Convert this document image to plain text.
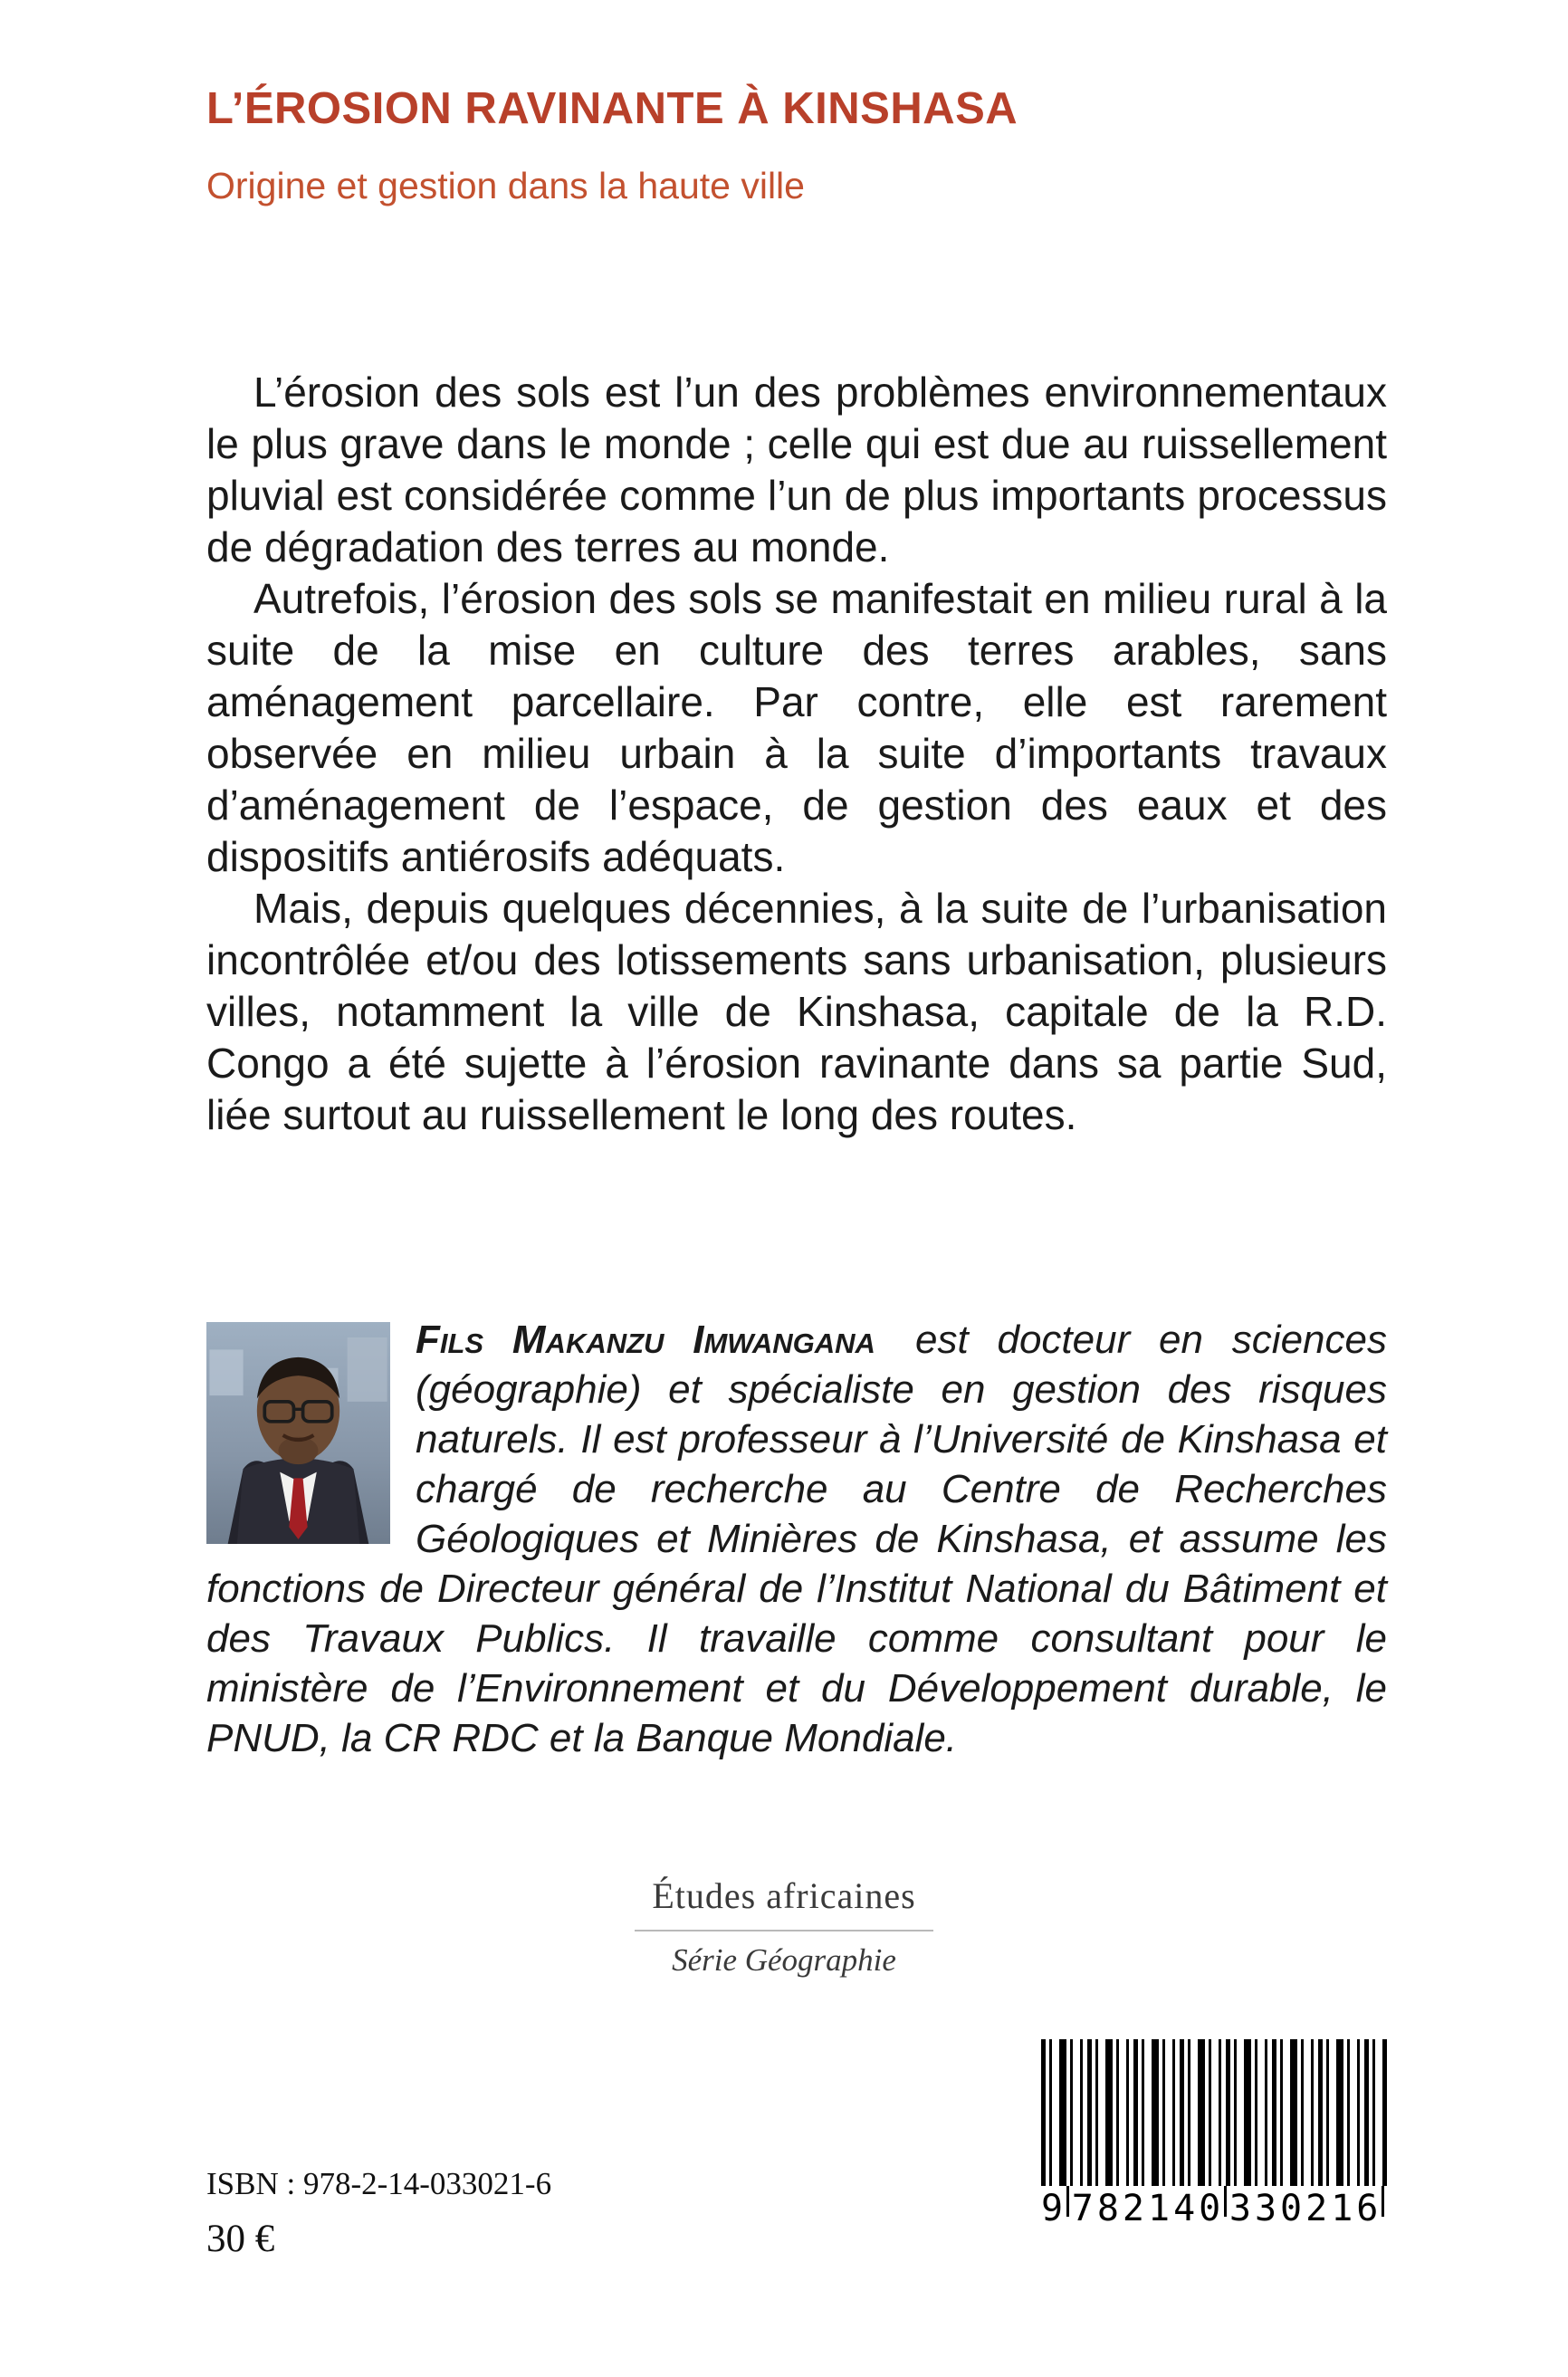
L’ÉROSION RAVINANTE À KINSHASA
Origine et gestion dans la haute ville

L’érosion des sols est l’un des problèmes environnementaux le plus grave dans le monde ; celle qui est due au ruissellement pluvial est considérée comme l’un de plus importants processus de dégradation des terres au monde.

Autrefois, l’érosion des sols se manifestait en milieu rural à la suite de la mise en culture des terres arables, sans aménagement parcellaire. Par contre, elle est rarement observée en milieu urbain à la suite d’importants travaux d’aménagement de l’espace, de gestion des eaux et des dispositifs antiérosifs adéquats.

Mais, depuis quelques décennies, à la suite de l’urbanisation incontrôlée et/ou des lotissements sans urbanisation, plusieurs villes, notamment la ville de Kinshasa, capitale de la R.D. Congo a été sujette à l’érosion ravinante dans sa partie Sud, liée surtout au ruissellement le long des routes.

Fils Makanzu Imwangana est docteur en sciences (géographie) et spécialiste en gestion des risques naturels. Il est professeur à l’Université de Kinshasa et chargé de recherche au Centre de Recherches Géologiques et Minières de Kinshasa, et assume les fonctions de Directeur général de l’Institut National du Bâtiment et des Travaux Publics. Il travaille comme consultant pour le ministère de l’Environnement et du Développement durable, le PNUD, la CR RDC et la Banque Mondiale.

Études africaines
Série Géographie
9 782140 330216
ISBN : 978-2-14-033021-6
30 €
